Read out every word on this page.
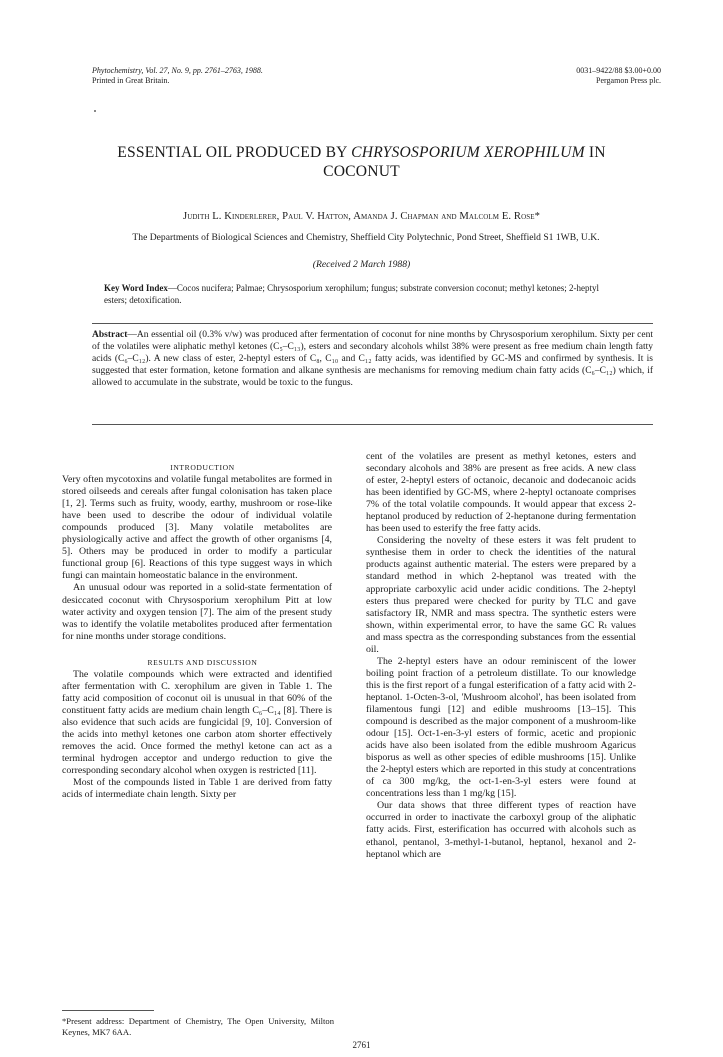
Phytochemistry, Vol. 27, No. 9, pp. 2761–2763, 1988.
Printed in Great Britain.
0031–9422/88 $3.00+0.00
Pergamon Press plc.
ESSENTIAL OIL PRODUCED BY CHRYSOSPORIUM XEROPHILUM IN
COCONUT
Judith L. Kinderlerer, Paul V. Hatton, Amanda J. Chapman and Malcolm E. Rose*
The Departments of Biological Sciences and Chemistry, Sheffield City Polytechnic, Pond Street, Sheffield S1 1WB, U.K.
(Received 2 March 1988)
Key Word Index—Cocos nucifera; Palmae; Chrysosporium xerophilum; fungus; substrate conversion coconut; methyl ketones; 2-heptyl esters; detoxification.
Abstract—An essential oil (0.3% v/w) was produced after fermentation of coconut for nine months by Chrysosporium xerophilum. Sixty per cent of the volatiles were aliphatic methyl ketones (C₅–C₁₃), esters and secondary alcohols whilst 38% were present as free medium chain length fatty acids (C₆–C₁₂). A new class of ester, 2-heptyl esters of C₈, C₁₀ and C₁₂ fatty acids, was identified by GC-MS and confirmed by synthesis. It is suggested that ester formation, ketone formation and alkane synthesis are mechanisms for removing medium chain fatty acids (C₆–C₁₂) which, if allowed to accumulate in the substrate, would be toxic to the fungus.

INTRODUCTION

Very often mycotoxins and volatile fungal metabolites are formed in stored oilseeds and cereals after fungal colonisation has taken place [1, 2]. Terms such as fruity, woody, earthy, mushroom or rose-like have been used to describe the odour of individual volatile compounds produced [3]. Many volatile metabolites are physiologically active and affect the growth of other organisms [4, 5]. Others may be produced in order to modify a particular functional group [6]. Reactions of this type suggest ways in which fungi can maintain homeostatic balance in the environment.

An unusual odour was reported in a solid-state fermentation of desiccated coconut with Chrysosporium xerophilum Pitt at low water activity and oxygen tension [7]. The aim of the present study was to identify the volatile metabolites produced after fermentation for nine months under storage conditions.

RESULTS AND DISCUSSION

The volatile compounds which were extracted and identified after fermentation with C. xerophilum are given in Table 1. The fatty acid composition of coconut oil is unusual in that 60% of the constituent fatty acids are medium chain length C₆–C₁₄ [8]. There is also evidence that such acids are fungicidal [9, 10]. Conversion of the acids into methyl ketones one carbon atom shorter effectively removes the acid. Once formed the methyl ketone can act as a terminal hydrogen acceptor and undergo reduction to give the corresponding secondary alcohol when oxygen is restricted [11].

Most of the compounds listed in Table 1 are derived from fatty acids of intermediate chain length. Sixty per

cent of the volatiles are present as methyl ketones, esters and secondary alcohols and 38% are present as free acids. A new class of ester, 2-heptyl esters of octanoic, decanoic and dodecanoic acids has been identified by GC-MS, where 2-heptyl octanoate comprises 7% of the total volatile compounds. It would appear that excess 2-heptanol produced by reduction of 2-heptanone during fermentation has been used to esterify the free fatty acids.

Considering the novelty of these esters it was felt prudent to synthesise them in order to check the identities of the natural products against authentic material. The esters were prepared by a standard method in which 2-heptanol was treated with the appropriate carboxylic acid under acidic conditions. The 2-heptyl esters thus prepared were checked for purity by TLC and gave satisfactory IR, NMR and mass spectra. The synthetic esters were shown, within experimental error, to have the same GC Rₜ values and mass spectra as the corresponding substances from the essential oil.

The 2-heptyl esters have an odour reminiscent of the lower boiling point fraction of a petroleum distillate. To our knowledge this is the first report of a fungal esterification of a fatty acid with 2-heptanol. 1-Octen-3-ol, 'Mushroom alcohol', has been isolated from filamentous fungi [12] and edible mushrooms [13–15]. This compound is described as the major component of a mushroom-like odour [15]. Oct-1-en-3-yl esters of formic, acetic and propionic acids have also been isolated from the edible mushroom Agaricus bisporus as well as other species of edible mushrooms [15]. Unlike the 2-heptyl esters which are reported in this study at concentrations of ca 300 mg/kg, the oct-1-en-3-yl esters were found at concentrations less than 1 mg/kg [15].

Our data shows that three different types of reaction have occurred in order to inactivate the carboxyl group of the aliphatic fatty acids. First, esterification has occurred with alcohols such as ethanol, pentanol, 3-methyl-1-butanol, heptanol, hexanol and 2-heptanol which are

*Present address: Department of Chemistry, The Open University, Milton Keynes, MK7 6AA.
2761
